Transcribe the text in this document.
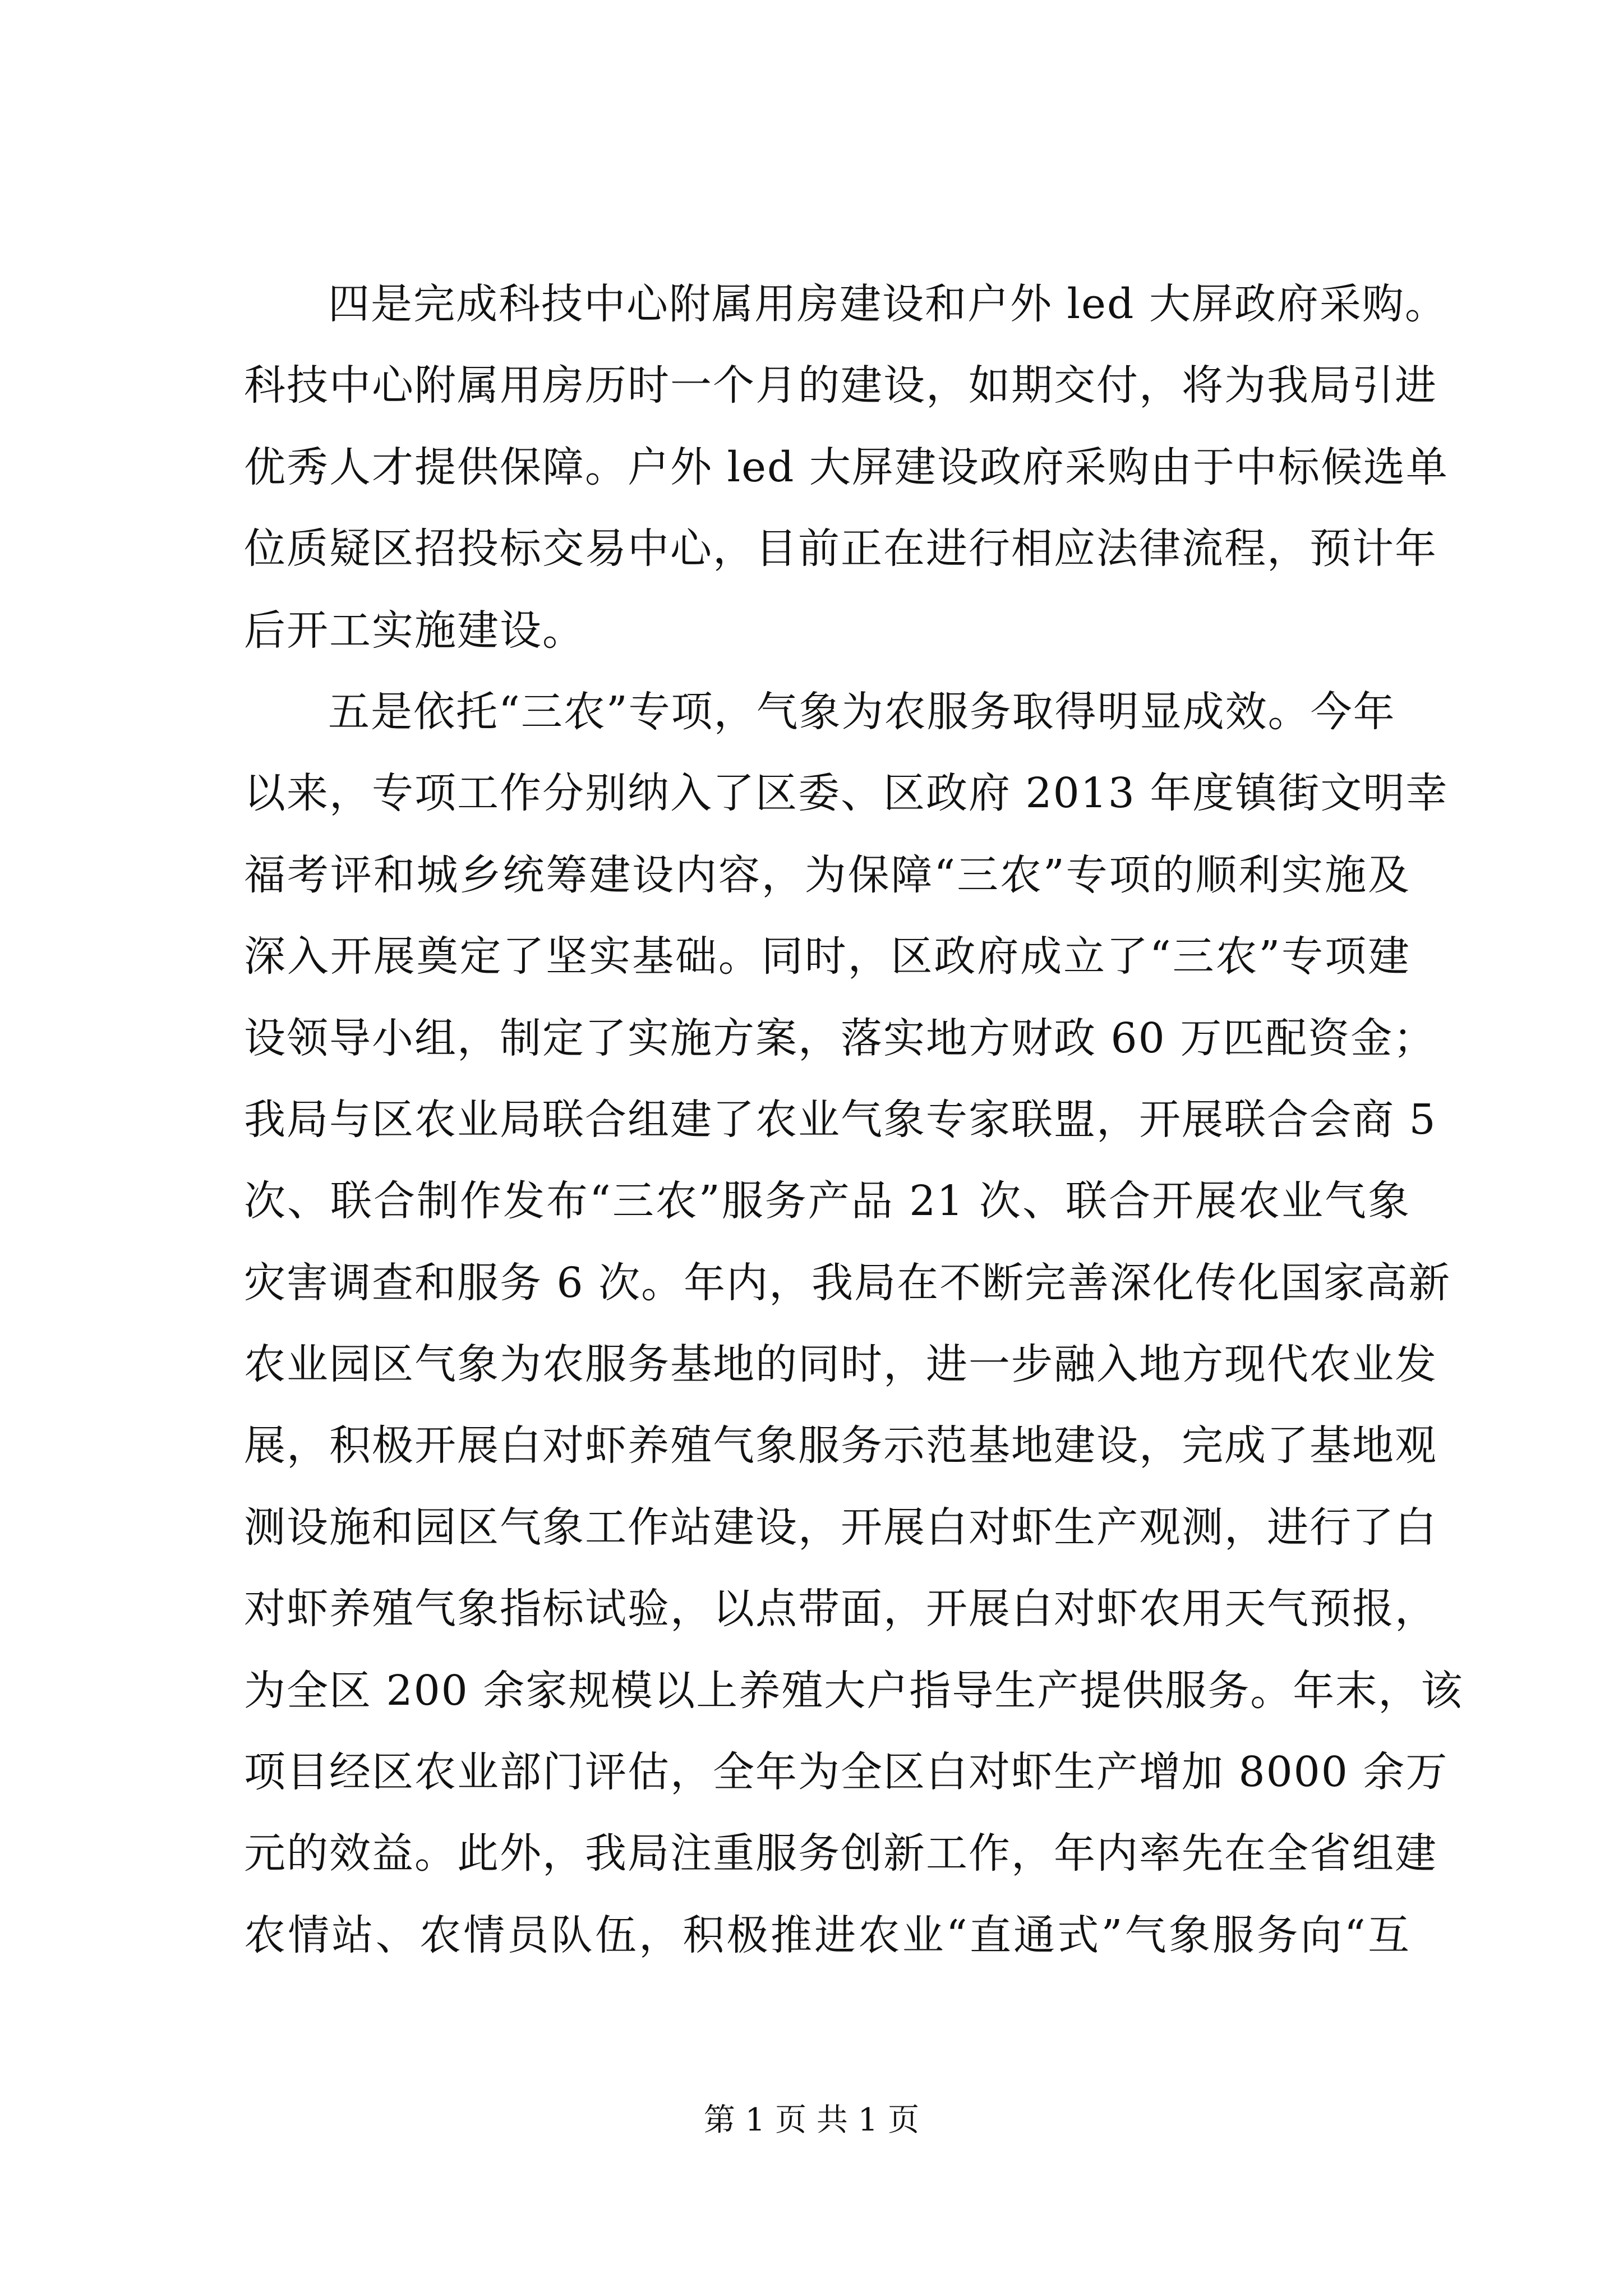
四是完成科技中心附属用房建设和户外 led 大屏政府采购。
科技中心附属用房历时一个月的建设，如期交付，将为我局引进
优秀人才提供保障。户外 led 大屏建设政府采购由于中标候选单
位质疑区招投标交易中心，目前正在进行相应法律流程，预计年
后开工实施建设。
五是依托“三农”专项，气象为农服务取得明显成效。今年
以来，专项工作分别纳入了区委、区政府 2013 年度镇街文明幸
福考评和城乡统筹建设内容，为保障“三农”专项的顺利实施及
深入开展奠定了坚实基础。同时，区政府成立了“三农”专项建
设领导小组，制定了实施方案，落实地方财政 60 万匹配资金；
我局与区农业局联合组建了农业气象专家联盟，开展联合会商 5
次、联合制作发布“三农”服务产品 21 次、联合开展农业气象
灾害调查和服务 6 次。年内，我局在不断完善深化传化国家高新
农业园区气象为农服务基地的同时，进一步融入地方现代农业发
展，积极开展白对虾养殖气象服务示范基地建设，完成了基地观
测设施和园区气象工作站建设，开展白对虾生产观测，进行了白
对虾养殖气象指标试验，以点带面，开展白对虾农用天气预报，
为全区 200 余家规模以上养殖大户指导生产提供服务。年末，该
项目经区农业部门评估，全年为全区白对虾生产增加 8000 余万
元的效益。此外，我局注重服务创新工作，年内率先在全省组建
农情站、农情员队伍，积极推进农业“直通式”气象服务向“互
第 1 页 共 1 页
